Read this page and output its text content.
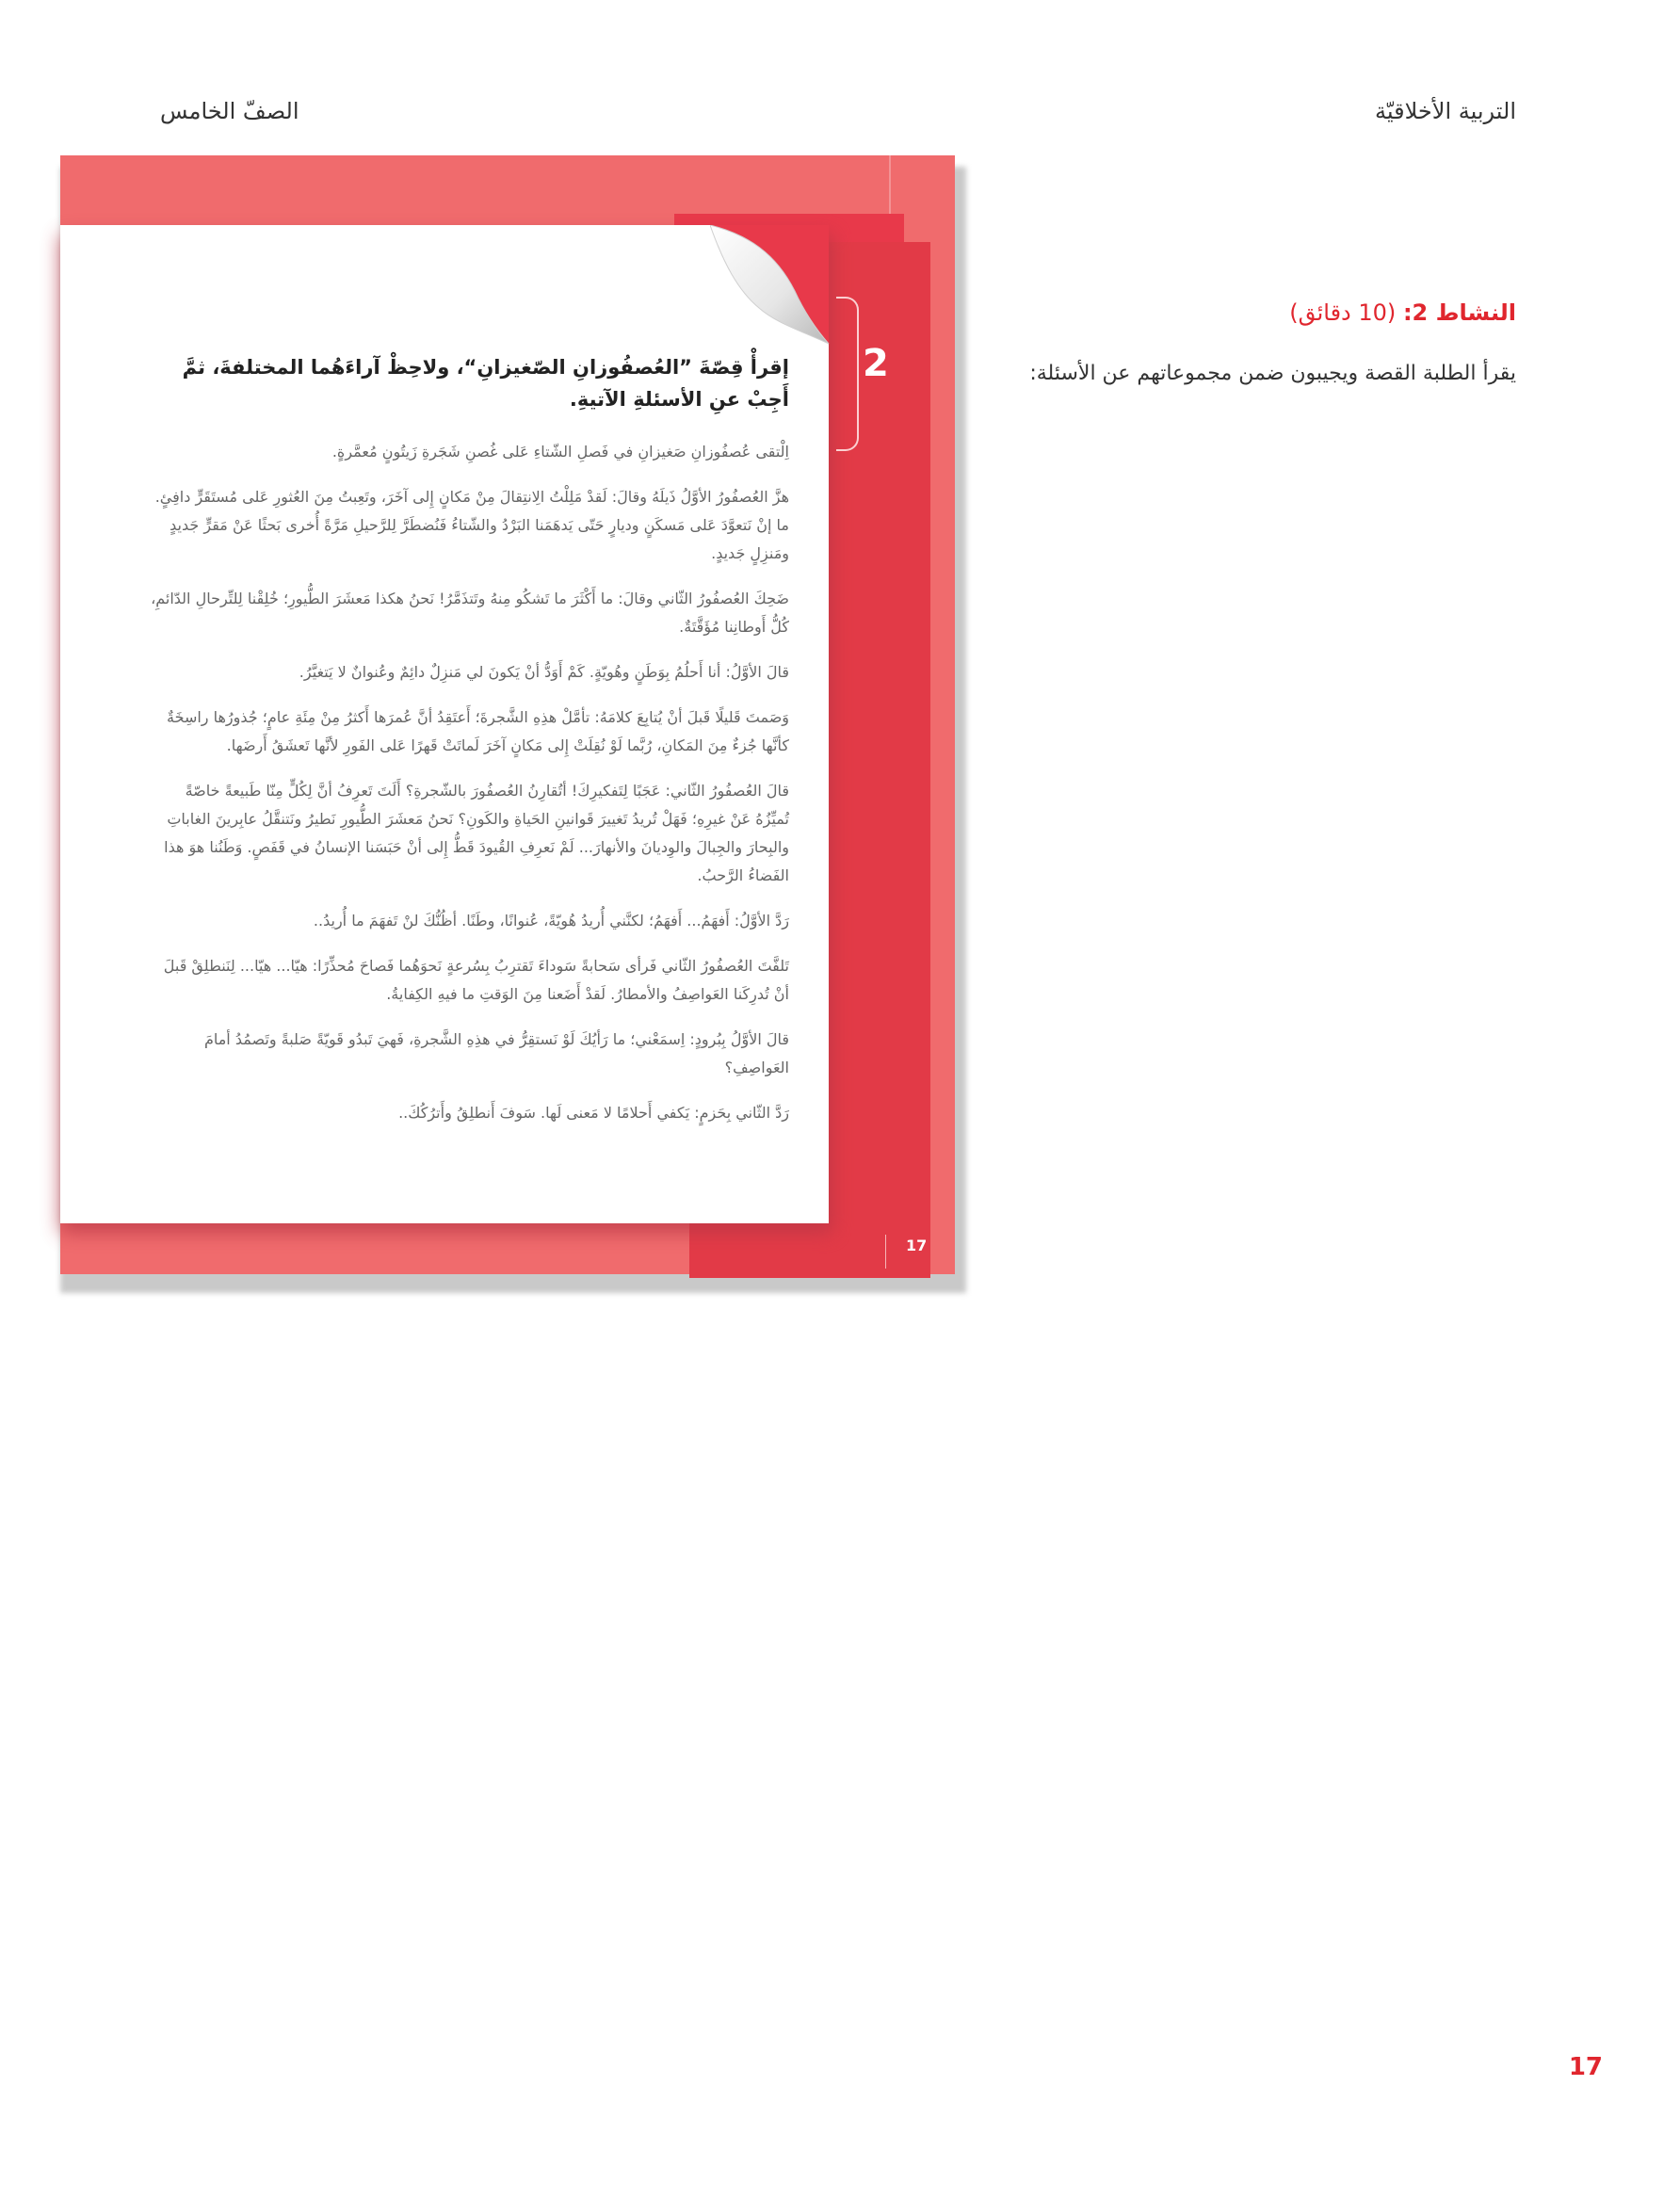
التربية الأخلاقيّة
الصفّ الخامس
2
17
إقرأْ قِصّةَ ”العُصفُوزانِ الصّغيزانِ“، ولاحِظْ آراءَهُما المختلفةَ، ثمَّ أَجِبْ عنِ الأسئلةِ الآتيةِ.

اِلْتقى عُصفُوزانِ صَغيزانِ في فَصلِ الشّتاءِ عَلى غُصنِ شَجَرةِ زَيتُونٍ مُعمَّرةٍ.

هزَّ العُصفُورُ الأوَّلُ ذَيلَهُ وقالَ: لَقدْ مَلِلْتُ الِانتِقالَ مِنْ مَكانٍ إِلى آخَرَ، وتَعِبتُ مِنَ العُثورِ عَلى مُستَقَرٍّ دافِئٍ. ما إنْ نَتعوَّدَ عَلى مَسكَنٍ وديارٍ حَتّى يَدهَمَنا البَرْدُ والشّتاءُ فَنُضطَرَّ لِلرَّحيلِ مَرَّةً أُخرى بَحثًا عَنْ مَقرٍّ جَديدٍ ومَنزِلٍ جَديدٍ.

ضَحِكَ العُصفُورُ الثّاني وقالَ: ما أَكْثَرَ ما تَشكُو مِنهُ وتَتذَمَّرُ! نَحنُ هكذا مَعشَرَ الطُّيورِ؛ خُلِقْنا لِلتِّرحالِ الدّائمِ، كُلُّ أَوطانِنا مُؤَقَّتَةٌ.

قالَ الأوَّلُ: أنا أَحلُمُ بِوَطَنٍ وهُويّةٍ. كَمْ أَوَدُّ أنْ يَكونَ لي مَنزِلٌ دائِمٌ وعُنوانٌ لا يَتغيَّرُ.

وَصَمتَ قَليلًا قَبلَ أنْ يُتابِعَ كلامَهُ: تأمَّلْ هذِهِ الشَّجرةَ؛ أَعتَقِدُ أنَّ عُمرَها أَكثرُ مِنْ مِئَةِ عامٍ؛ جُذورُها راسِخَةٌ كأنَّها جُزءٌ مِنَ المَكانِ، رُبَّما لَوْ نُقِلَتْ إِلى مَكانٍ آخَرَ لَماتَتْ قَهرًا عَلى الفَورِ لأنَّها تَعشَقُ أَرضَها.

قالَ العُصفُورُ الثّاني: عَجَبًا لِتَفكيرِكَ! أتُقارِنُ العُصفُورَ بالشّجرةِ؟ أَلَتَ تَعرِفُ أنَّ لِكُلٍّ مِنّا طَبيعةً خاصّةً تُميِّزُهُ عَنْ غيرِهِ؛ فَهَلْ تُريدُ تَغييرَ قَوانينِ الحَياةِ والكَونِ؟ نَحنُ مَعشَرَ الطُّيورِ نَطيرُ ونَتنقَّلُ عابِرينَ الغاباتِ والبِحارَ والجِبالَ والوِديانَ والأنهارَ... لَمْ نَعرِفِ القُيودَ قَطُّ إِلى أنْ حَبَسَنا الإنسانُ في قَفَصٍ. وَطَنُنا هوَ هذا الفَضاءُ الرَّحبُ.

رَدَّ الأوَّلُ: أَفهَمُ... أَفهَمُ؛ لكنَّني أُريدُ هُويّةً، عُنوانًا، وطَنًا. أظُنُّكَ لنْ تَفهَمَ ما أُريدُ..

تَلفَّتَ العُصفُورُ الثّاني فَرأى سَحابةً سَوداءَ تَقترِبُ بِسُرعةٍ نَحوَهُما فَصاحَ مُحذِّرًا: هيّا... هيّا... لِنَنطلِقْ قَبلَ أنْ تُدرِكَنا العَواصِفُ والأمطارُ. لَقدْ أَضَعنا مِنَ الوَقتِ ما فيهِ الكِفايةُ.

قالَ الأوَّلُ بِبُرودٍ: اِسمَعْني؛ ما رَأيُكَ لَوْ نَستقِرُّ في هذِهِ الشَّجرةِ، فَهيَ تَبدُو قَويّةً صَلبةً وتَصمُدُ أمامَ العَواصِفِ؟

رَدَّ الثّاني بِحَزمٍ: يَكفي أَحلامًا لا مَعنى لَها. سَوفَ أَنطلِقُ وأَترُكُكَ..

النشاط 2: (10 دقائق)
يقرأ الطلبة القصة ويجيبون ضمن مجموعاتهم عن الأسئلة:
17
